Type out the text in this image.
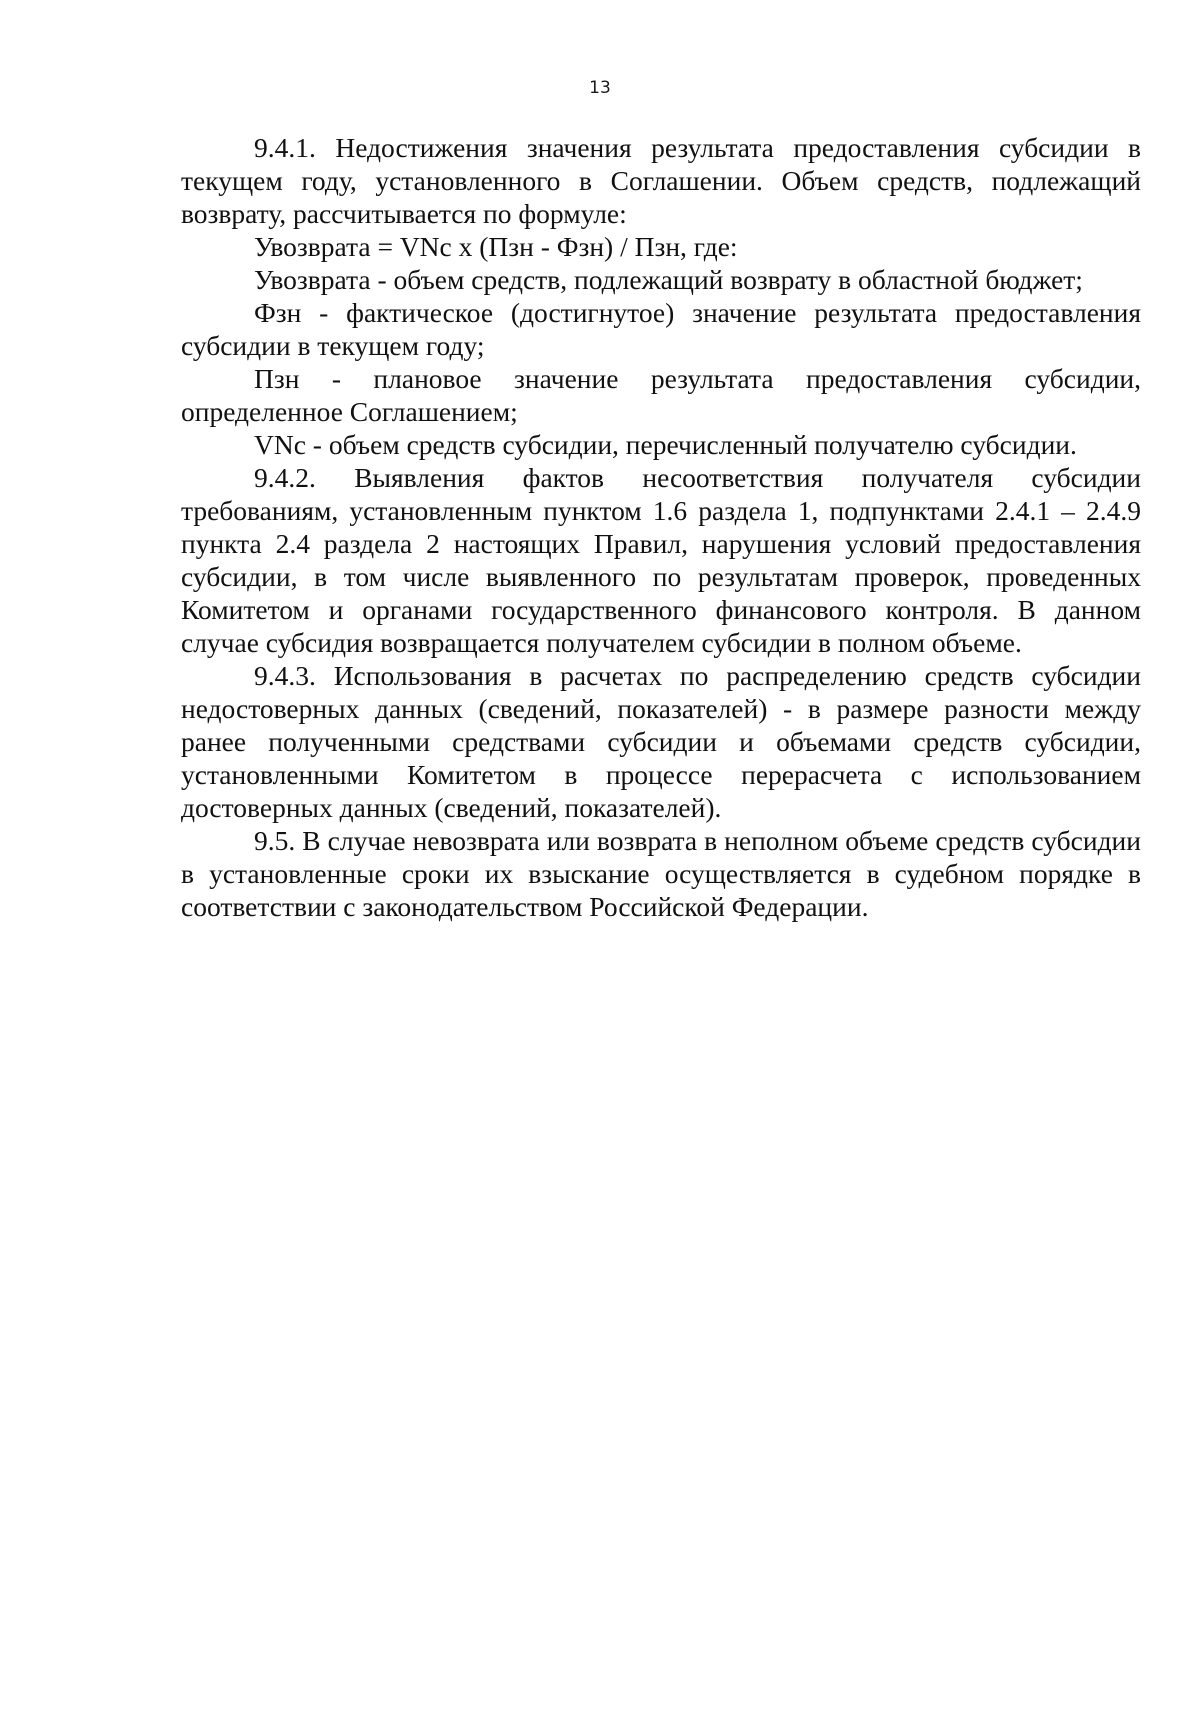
13

9.4.1. Недостижения значения результата предоставления субсидии в текущем году, установленного в Соглашении. Объем средств, подлежащий возврату, рассчитывается по формуле:

Увозврата = VNc x (Пзн - Фзн) / Пзн, где:

Увозврата - объем средств, подлежащий возврату в областной бюджет;

Фзн - фактическое (достигнутое) значение результата предоставления субсидии в текущем году;

Пзн - плановое значение результата предоставления субсидии, определенное Соглашением;

VNc - объем средств субсидии, перечисленный получателю субсидии.

9.4.2. Выявления фактов несоответствия получателя субсидии требованиям, установленным пунктом 1.6 раздела 1, подпунктами 2.4.1 – 2.4.9 пункта 2.4 раздела 2 настоящих Правил, нарушения условий предоставления субсидии, в том числе выявленного по результатам проверок, проведенных Комитетом и органами государственного финансового контроля. В данном случае субсидия возвращается получателем субсидии в полном объеме.

9.4.3. Использования в расчетах по распределению средств субсидии недостоверных данных (сведений, показателей) - в размере разности между ранее полученными средствами субсидии и объемами средств субсидии, установленными Комитетом в процессе перерасчета с использованием достоверных данных (сведений, показателей).

9.5. В случае невозврата или возврата в неполном объеме средств субсидии в установленные сроки их взыскание осуществляется в судебном порядке в соответствии с законодательством Российской Федерации.
